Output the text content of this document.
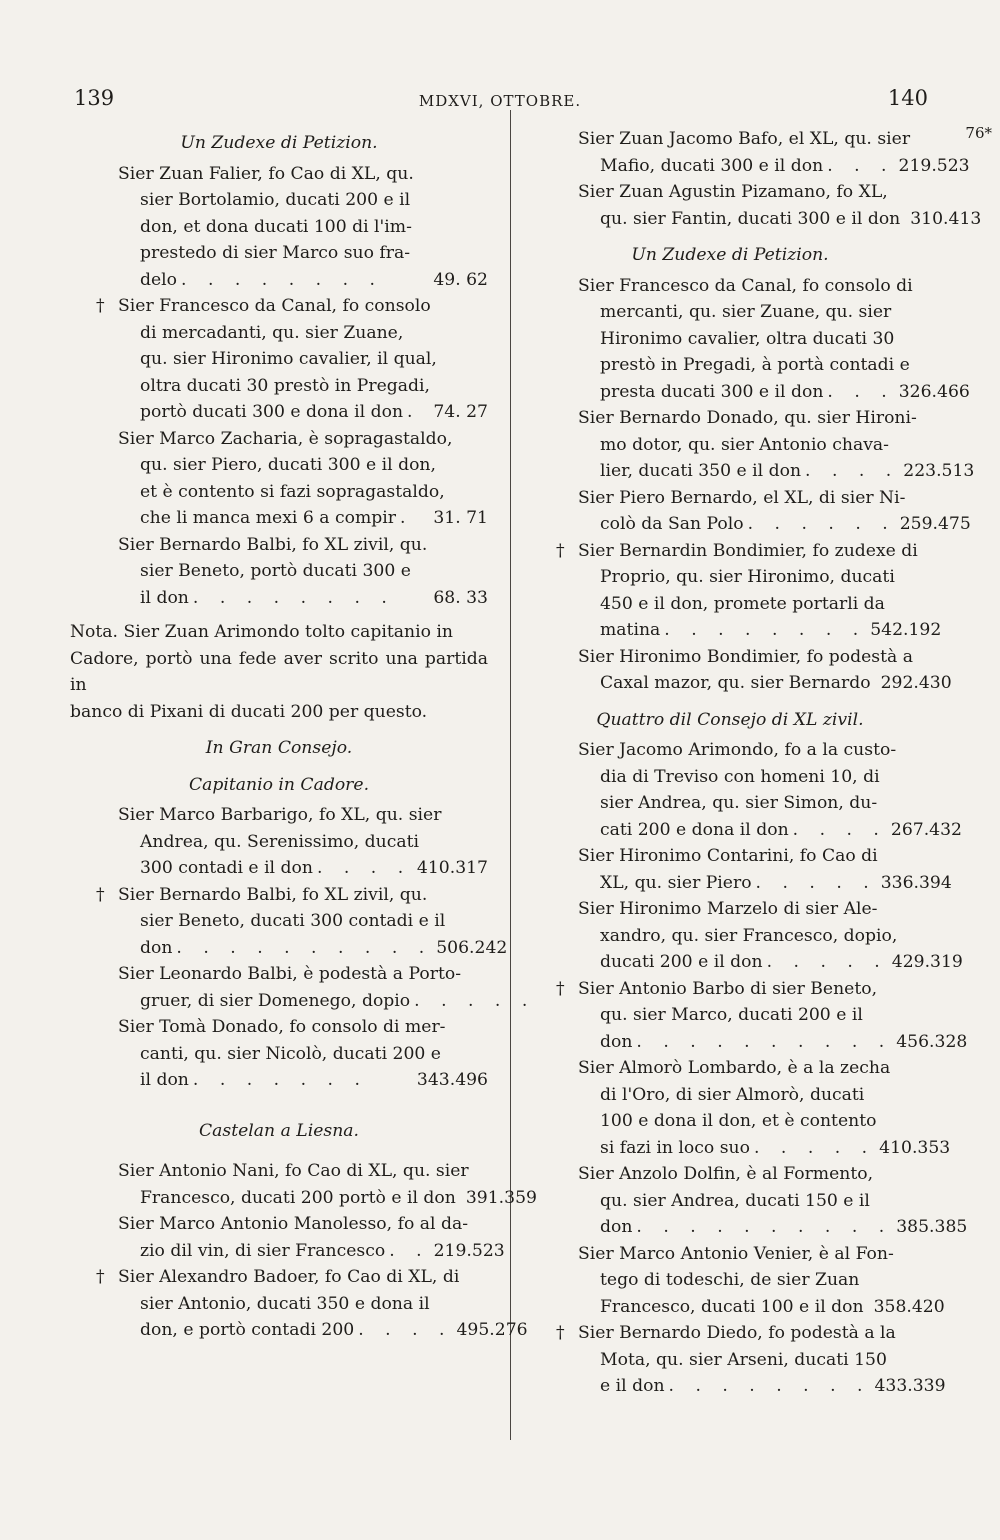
139	MDXVI, OTTOBRE.	140
76*
Un Zudexe di Petizion.
Sier Zuan Falier, fo Cao di XL, qu.
sier Bortolamio, ducati 200 e il
don, et dona ducati 100 di l'im-
prestedo di sier Marco suo fra-
delo . . . . . . . .	49. 62
† Sier Francesco da Canal, fo consolo
di mercadanti, qu. sier Zuane,
qu. sier Hironimo cavalier, il qual,
oltra ducati 30 prestò in Pregadi,
portò ducati 300 e dona il don . 74. 27
Sier Marco Zacharia, è sopragastaldo,
qu. sier Piero, ducati 300 e il don,
et è contento si fazi sopragastaldo,
che li manca mexi 6 a compir .	31. 71
Sier Bernardo Balbi, fo XL zivil, qu.
sier Beneto, portò ducati 300 e
il don . . . . . . . .	68. 33
Nota. Sier Zuan Arimondo tolto capitanio in
Cadore, portò una fede aver scrito una partida in
banco di Pixani di ducati 200 per questo.
In Gran Consejo.
Capitanio in Cadore.
Sier Marco Barbarigo, fo XL, qu. sier
Andrea, qu. Serenissimo, ducati
300 contadi e il don . . . . 410.317
† Sier Bernardo Balbi, fo XL zivil, qu.
sier Beneto, ducati 300 contadi e il
don . . . . . . . . . . 506.242
Sier Leonardo Balbi, è podestà a Porto-
gruer, di sier Domenego, dopio . . . . .
Sier Tomà Donado, fo consolo di mer-
canti, qu. sier Nicolò, ducati 200 e
il don . . . . . . .	343.496
Castelan a Liesna.
Sier Antonio Nani, fo Cao di XL, qu. sier
Francesco, ducati 200 portò e il don 391.359
Sier Marco Antonio Manolesso, fo al da-
zio dil vin, di sier Francesco . . 219.523
† Sier Alexandro Badoer, fo Cao di XL, di
sier Antonio, ducati 350 e dona il
don, e portò contadi 200 . . . . 495.276
Sier Zuan Jacomo Bafo, el XL, qu. sier
Mafio, ducati 300 e il don . . . 219.523
Sier Zuan Agustin Pizamano, fo XL,
qu. sier Fantin, ducati 300 e il don 310.413
Un Zudexe di Petizion.
Sier Francesco da Canal, fo consolo di
mercanti, qu. sier Zuane, qu. sier
Hironimo cavalier, oltra ducati 30
prestò in Pregadi, à portà contadi e
presta ducati 300 e il don . . . 326.466
Sier Bernardo Donado, qu. sier Hironi-
mo dotor, qu. sier Antonio chava-
lier, ducati 350 e il don . . . . 223.513
Sier Piero Bernardo, el XL, di sier Ni-
colò da San Polo . . . . . . 259.475
† Sier Bernardin Bondimier, fo zudexe di
Proprio, qu. sier Hironimo, ducati
450 e il don, promete portarli da
matina . . . . . . . . 542.192
Sier Hironimo Bondimier, fo podestà a
Caxal mazor, qu. sier Bernardo 292.430
Quattro dil Consejo di XL zivil.
Sier Jacomo Arimondo, fo a la custo-
dia di Treviso con homeni 10, di
sier Andrea, qu. sier Simon, du-
cati 200 e dona il don . . . . 267.432
Sier Hironimo Contarini, fo Cao di
XL, qu. sier Piero . . . . . 336.394
Sier Hironimo Marzelo di sier Ale-
xandro, qu. sier Francesco, dopio,
ducati 200 e il don . . . . . 429.319
† Sier Antonio Barbo di sier Beneto,
qu. sier Marco, ducati 200 e il
don . . . . . . . . . . 456.328
Sier Almorò Lombardo, è a la zecha
di l'Oro, di sier Almorò, ducati
100 e dona il don, et è contento
si fazi in loco suo . . . . . 410.353
Sier Anzolo Dolfin, è al Formento,
qu. sier Andrea, ducati 150 e il
don . . . . . . . . . . 385.385
Sier Marco Antonio Venier, è al Fon-
tego di todeschi, de sier Zuan
Francesco, ducati 100 e il don 358.420
† Sier Bernardo Diedo, fo podestà a la
Mota, qu. sier Arseni, ducati 150
e il don . . . . . . . . 433.339
